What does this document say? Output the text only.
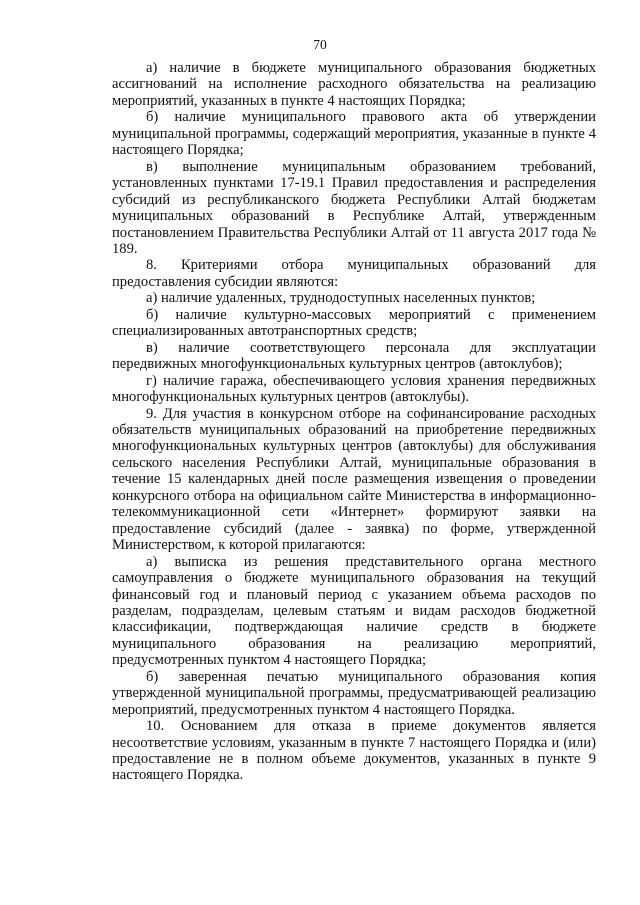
70

а) наличие в бюджете муниципального образования бюджетных ассигнований на исполнение расходного обязательства на реализацию мероприятий, указанных в пункте 4 настоящих Порядка;

б) наличие муниципального правового акта об утверждении муниципальной программы, содержащий мероприятия, указанные в пункте 4 настоящего Порядка;

в) выполнение муниципальным образованием требований, установленных пунктами 17-19.1 Правил предоставления и распределения субсидий из республиканского бюджета Республики Алтай бюджетам муниципальных образований в Республике Алтай, утвержденным постановлением Правительства Республики Алтай от 11 августа 2017 года № 189.

8. Критериями отбора муниципальных образований для предоставления субсидии являются:

а) наличие удаленных, труднодоступных населенных пунктов;

б) наличие культурно-массовых мероприятий с применением специализированных автотранспортных средств;

в) наличие соответствующего персонала для эксплуатации передвижных многофункциональных культурных центров (автоклубов);

г) наличие гаража, обеспечивающего условия хранения передвижных многофункциональных культурных центров (автоклубы).

9. Для участия в конкурсном отборе на софинансирование расходных обязательств муниципальных образований на приобретение передвижных многофункциональных культурных центров (автоклубы) для обслуживания сельского населения Республики Алтай, муниципальные образования в течение 15 календарных дней после размещения извещения о проведении конкурсного отбора на официальном сайте Министерства в информационно-телекоммуникационной сети «Интернет» формируют заявки на предоставление субсидий (далее - заявка) по форме, утвержденной Министерством, к которой прилагаются:

а) выписка из решения представительного органа местного самоуправления о бюджете муниципального образования на текущий финансовый год и плановый период с указанием объема расходов по разделам, подразделам, целевым статьям и видам расходов бюджетной классификации, подтверждающая наличие средств в бюджете муниципального образования на реализацию мероприятий, предусмотренных пунктом 4 настоящего Порядка;

б) заверенная печатью муниципального образования копия утвержденной муниципальной программы, предусматривающей реализацию мероприятий, предусмотренных пунктом 4 настоящего Порядка.

10. Основанием для отказа в приеме документов является несоответствие условиям, указанным в пункте 7 настоящего Порядка и (или) предоставление не в полном объеме документов, указанных в пункте 9 настоящего Порядка.
